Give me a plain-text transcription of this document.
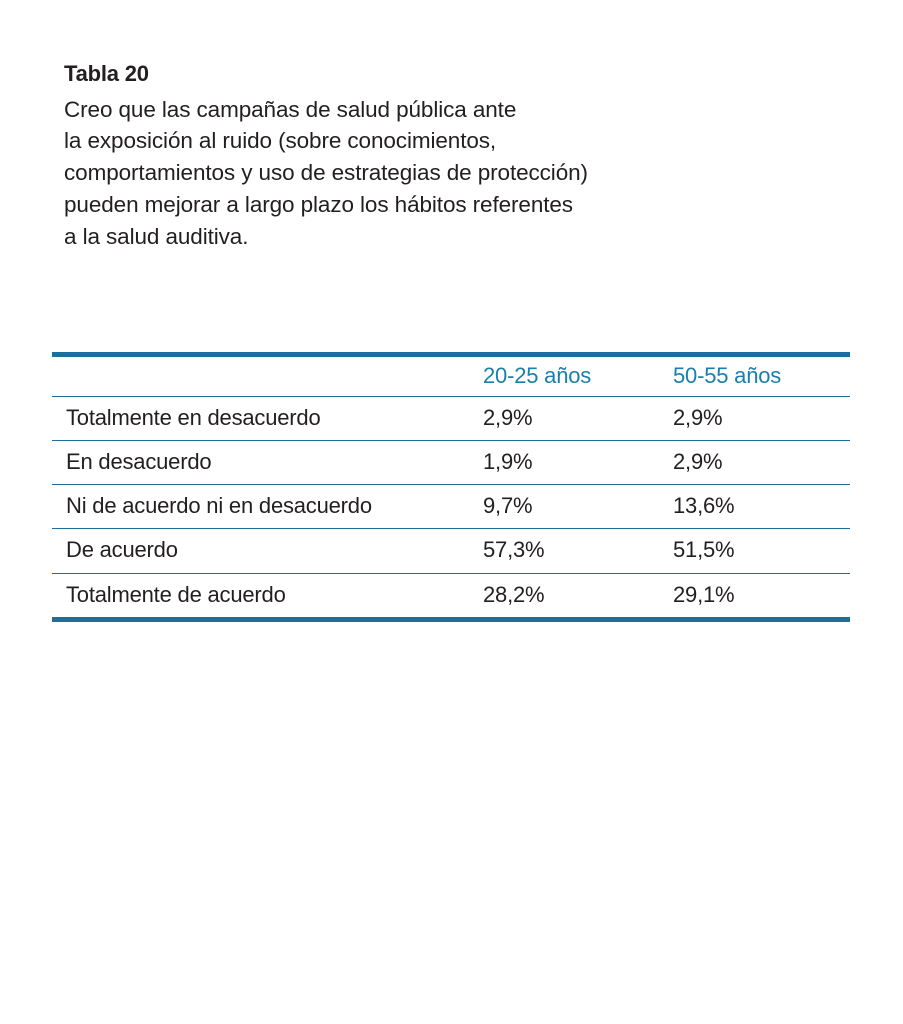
Tabla 20

Creo que las campañas de salud pública ante
la exposición al ruido (sobre conocimientos,
comportamientos y uso de estrategias de protección)
pueden mejorar a largo plazo los hábitos referentes
a la salud auditiva.

	20-25 años	50-55 años
Totalmente en desacuerdo	2,9%	2,9%
En desacuerdo	1,9%	2,9%
Ni de acuerdo ni en desacuerdo	9,7%	13,6%
De acuerdo	57,3%	51,5%
Totalmente de acuerdo	28,2%	29,1%
